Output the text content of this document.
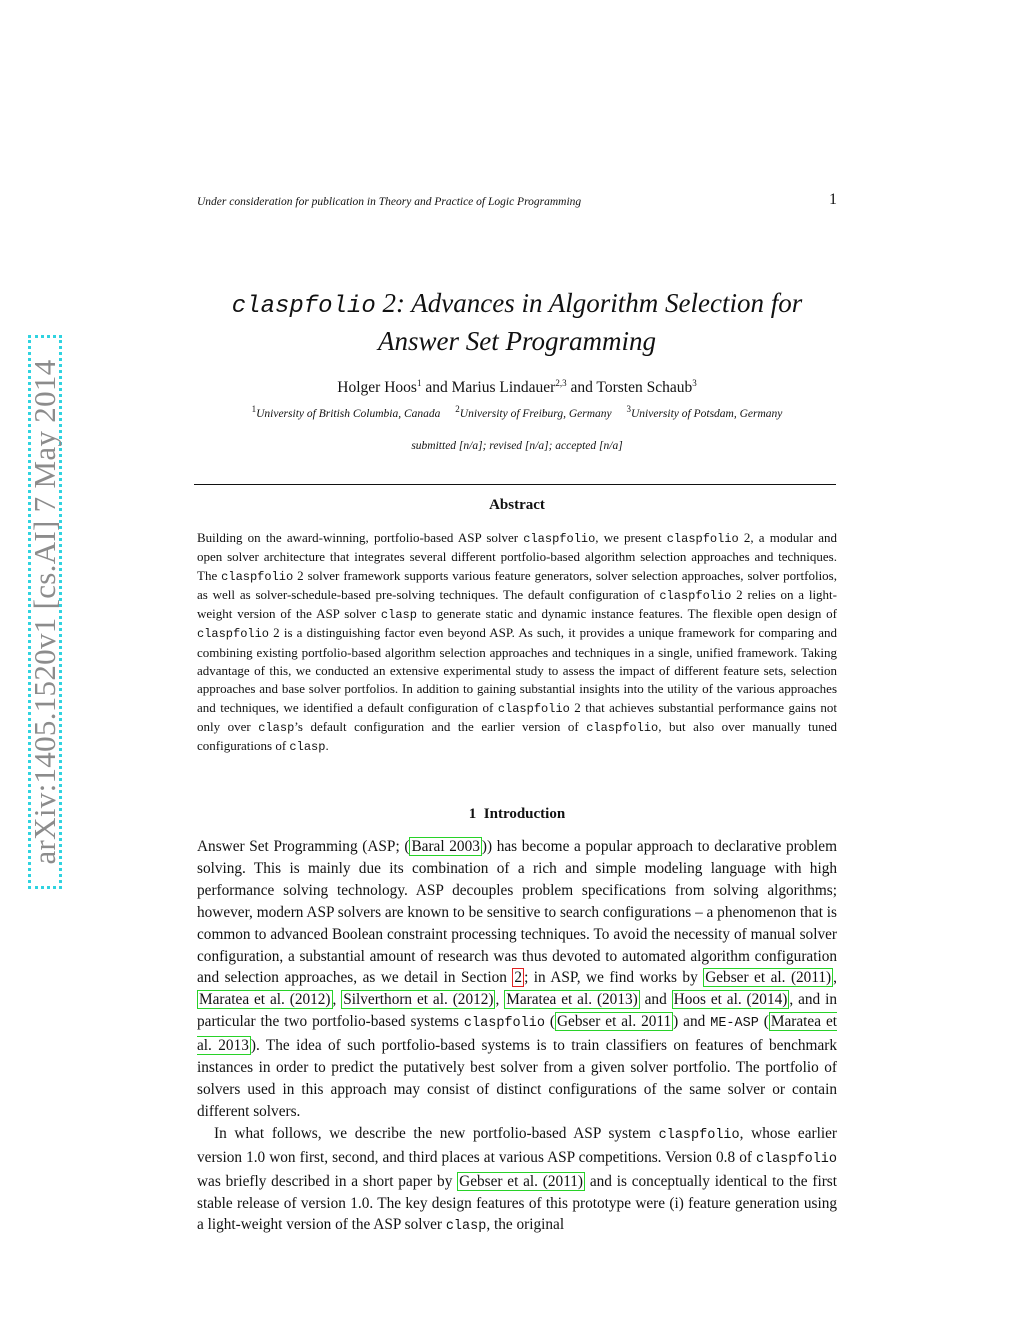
arXiv:1405.1520v1 [cs.AI] 7 May 2014
Under consideration for publication in Theory and Practice of Logic Programming	1
claspfolio 2: Advances in Algorithm Selection for
Answer Set Programming
Holger Hoos$^1$ and Marius Lindauer$^{2,3}$ and Torsten Schaub$^3$
$^1$University of British Columbia, Canada $^2$University of Freiburg, Germany $^3$University of Potsdam, Germany
submitted [n/a]; revised [n/a]; accepted [n/a]
Abstract
Building on the award-winning, portfolio-based ASP solver claspfolio, we present claspfolio 2, a modular and open solver architecture that integrates several different portfolio-based algorithm selection approaches and techniques. The claspfolio 2 solver framework supports various feature generators, solver selection approaches, solver portfolios, as well as solver-schedule-based pre-solving techniques. The default configuration of claspfolio 2 relies on a light-weight version of the ASP solver clasp to generate static and dynamic instance features. The flexible open design of claspfolio 2 is a distinguishing factor even beyond ASP. As such, it provides a unique framework for comparing and combining existing portfolio-based algorithm selection approaches and techniques in a single, unified framework. Taking advantage of this, we conducted an extensive experimental study to assess the impact of different feature sets, selection approaches and base solver portfolios. In addition to gaining substantial insights into the utility of the various approaches and techniques, we identified a default configuration of claspfolio 2 that achieves substantial performance gains not only over clasp’s default configuration and the earlier version of claspfolio, but also over manually tuned configurations of clasp.
1 Introduction

Answer Set Programming (ASP; ( Baral 2003 )) has become a popular approach to declarative problem solving. This is mainly due its combination of a rich and simple modeling language with high performance solving technology. ASP decouples problem specifications from solving algorithms; however, modern ASP solvers are known to be sensitive to search configurations – a phenomenon that is common to advanced Boolean constraint processing techniques. To avoid the necessity of manual solver configuration, a substantial amount of research was thus devoted to automated algorithm configuration and selection approaches, as we detail in Section 2 ; in ASP, we find works by Gebser et al. (2011) , Maratea et al. (2012) , Silverthorn et al. (2012) , Maratea et al. (2013) and Hoos et al. (2014) , and in particular the two portfolio-based systems claspfolio ( Gebser et al. 2011 ) and ME-ASP ( Maratea et al. 2013 ). The idea of such portfolio-based systems is to train classifiers on features of benchmark instances in order to predict the putatively best solver from a given solver portfolio. The portfolio of solvers used in this approach may consist of distinct configurations of the same solver or contain different solvers.

In what follows, we describe the new portfolio-based ASP system claspfolio, whose earlier version 1.0 won first, second, and third places at various ASP competitions. Version 0.8 of claspfolio was briefly described in a short paper by Gebser et al. (2011) and is conceptually identical to the first stable release of version 1.0. The key design features of this prototype were (i) feature generation using a light-weight version of the ASP solver clasp, the original
